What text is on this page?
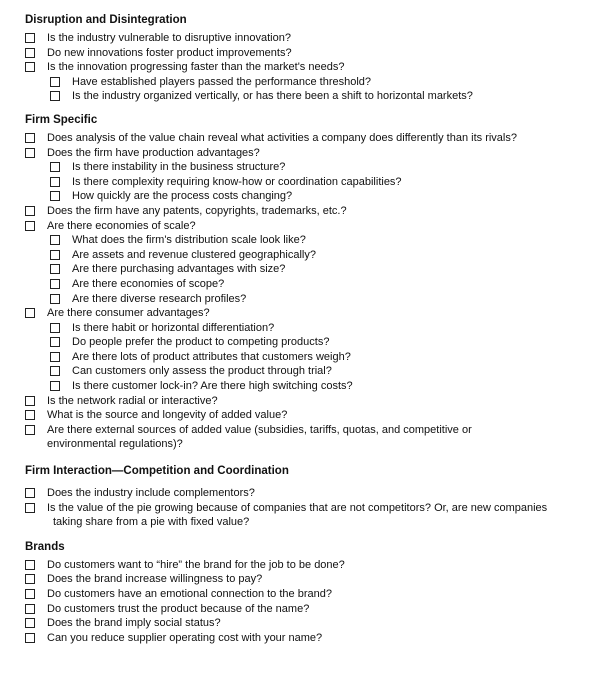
Disruption and Disintegration
Is the industry vulnerable to disruptive innovation?
Do new innovations foster product improvements?
Is the innovation progressing faster than the market's needs?
Have established players passed the performance threshold?
Is the industry organized vertically, or has there been a shift to horizontal markets?
Firm Specific
Does analysis of the value chain reveal what activities a company does differently than its rivals?
Does the firm have production advantages?
Is there instability in the business structure?
Is there complexity requiring know-how or coordination capabilities?
How quickly are the process costs changing?
Does the firm have any patents, copyrights, trademarks, etc.?
Are there economies of scale?
What does the firm's distribution scale look like?
Are assets and revenue clustered geographically?
Are there purchasing advantages with size?
Are there economies of scope?
Are there diverse research profiles?
Are there consumer advantages?
Is there habit or horizontal differentiation?
Do people prefer the product to competing products?
Are there lots of product attributes that customers weigh?
Can customers only assess the product through trial?
Is there customer lock-in? Are there high switching costs?
Is the network radial or interactive?
What is the source and longevity of added value?
Are there external sources of added value (subsidies, tariffs, quotas, and competitive or
environmental regulations)?
Firm Interaction—Competition and Coordination
Does the industry include complementors?
Is the value of the pie growing because of companies that are not competitors? Or, are new companies
taking share from a pie with fixed value?
Brands
Do customers want to “hire” the brand for the job to be done?
Does the brand increase willingness to pay?
Do customers have an emotional connection to the brand?
Do customers trust the product because of the name?
Does the brand imply social status?
Can you reduce supplier operating cost with your name?
